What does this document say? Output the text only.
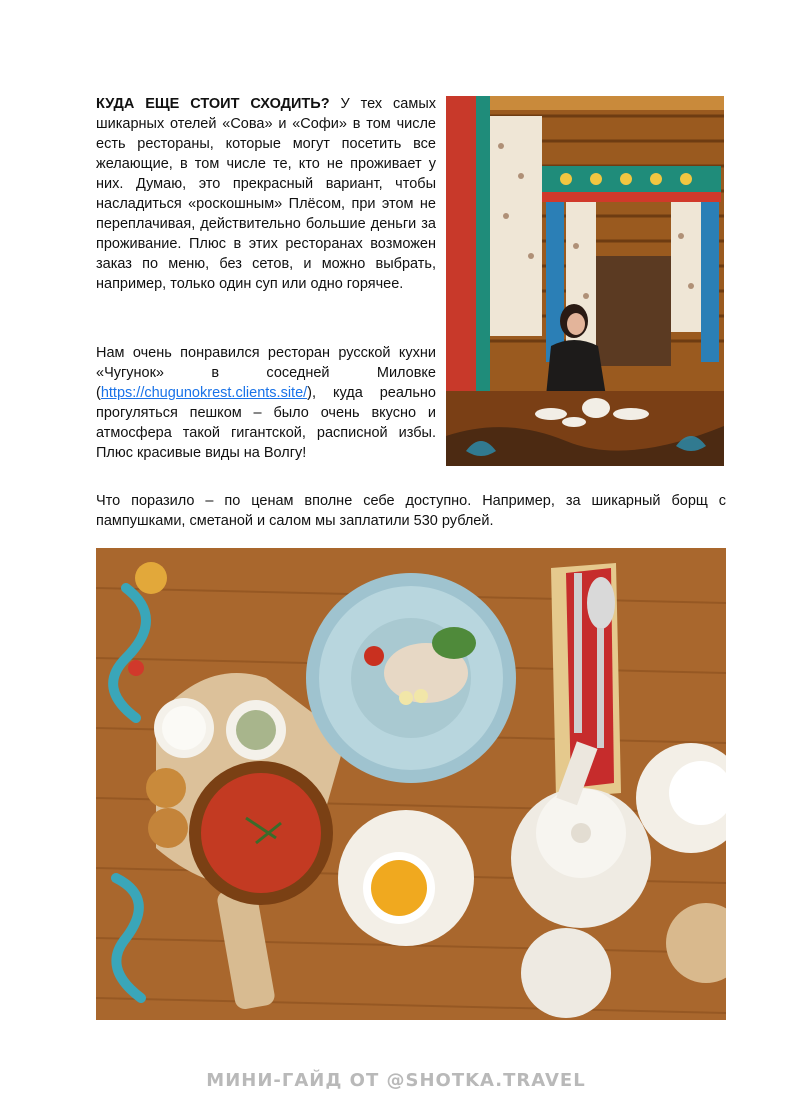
КУДА ЕЩЕ СТОИТ СХОДИТЬ? У тех самых шикарных отелей «Сова» и «Софи» в том числе есть рестораны, которые могут посетить все желающие, в том числе те, кто не проживает у них. Думаю, это прекрасный вариант, чтобы насладиться «роскошным» Плёсом, при этом не переплачивая, действительно большие деньги за проживание. Плюс в этих ресторанах возможен заказ по меню, без сетов, и можно выбрать, например, только один суп или одно горячее.

Нам очень понравился ресторан русской кухни «Чугунок» в соседней Миловке (https://chugunokrest.clients.site/), куда реально прогуляться пешком – было очень вкусно и атмосфера такой гигантской, расписной избы. Плюс красивые виды на Волгу!

Что поразило – по ценам вполне себе доступно. Например, за шикарный борщ с пампушками, сметаной и салом мы заплатили 530 рублей.

МИНИ-ГАЙД ОТ @SHOTKA.TRAVEL
